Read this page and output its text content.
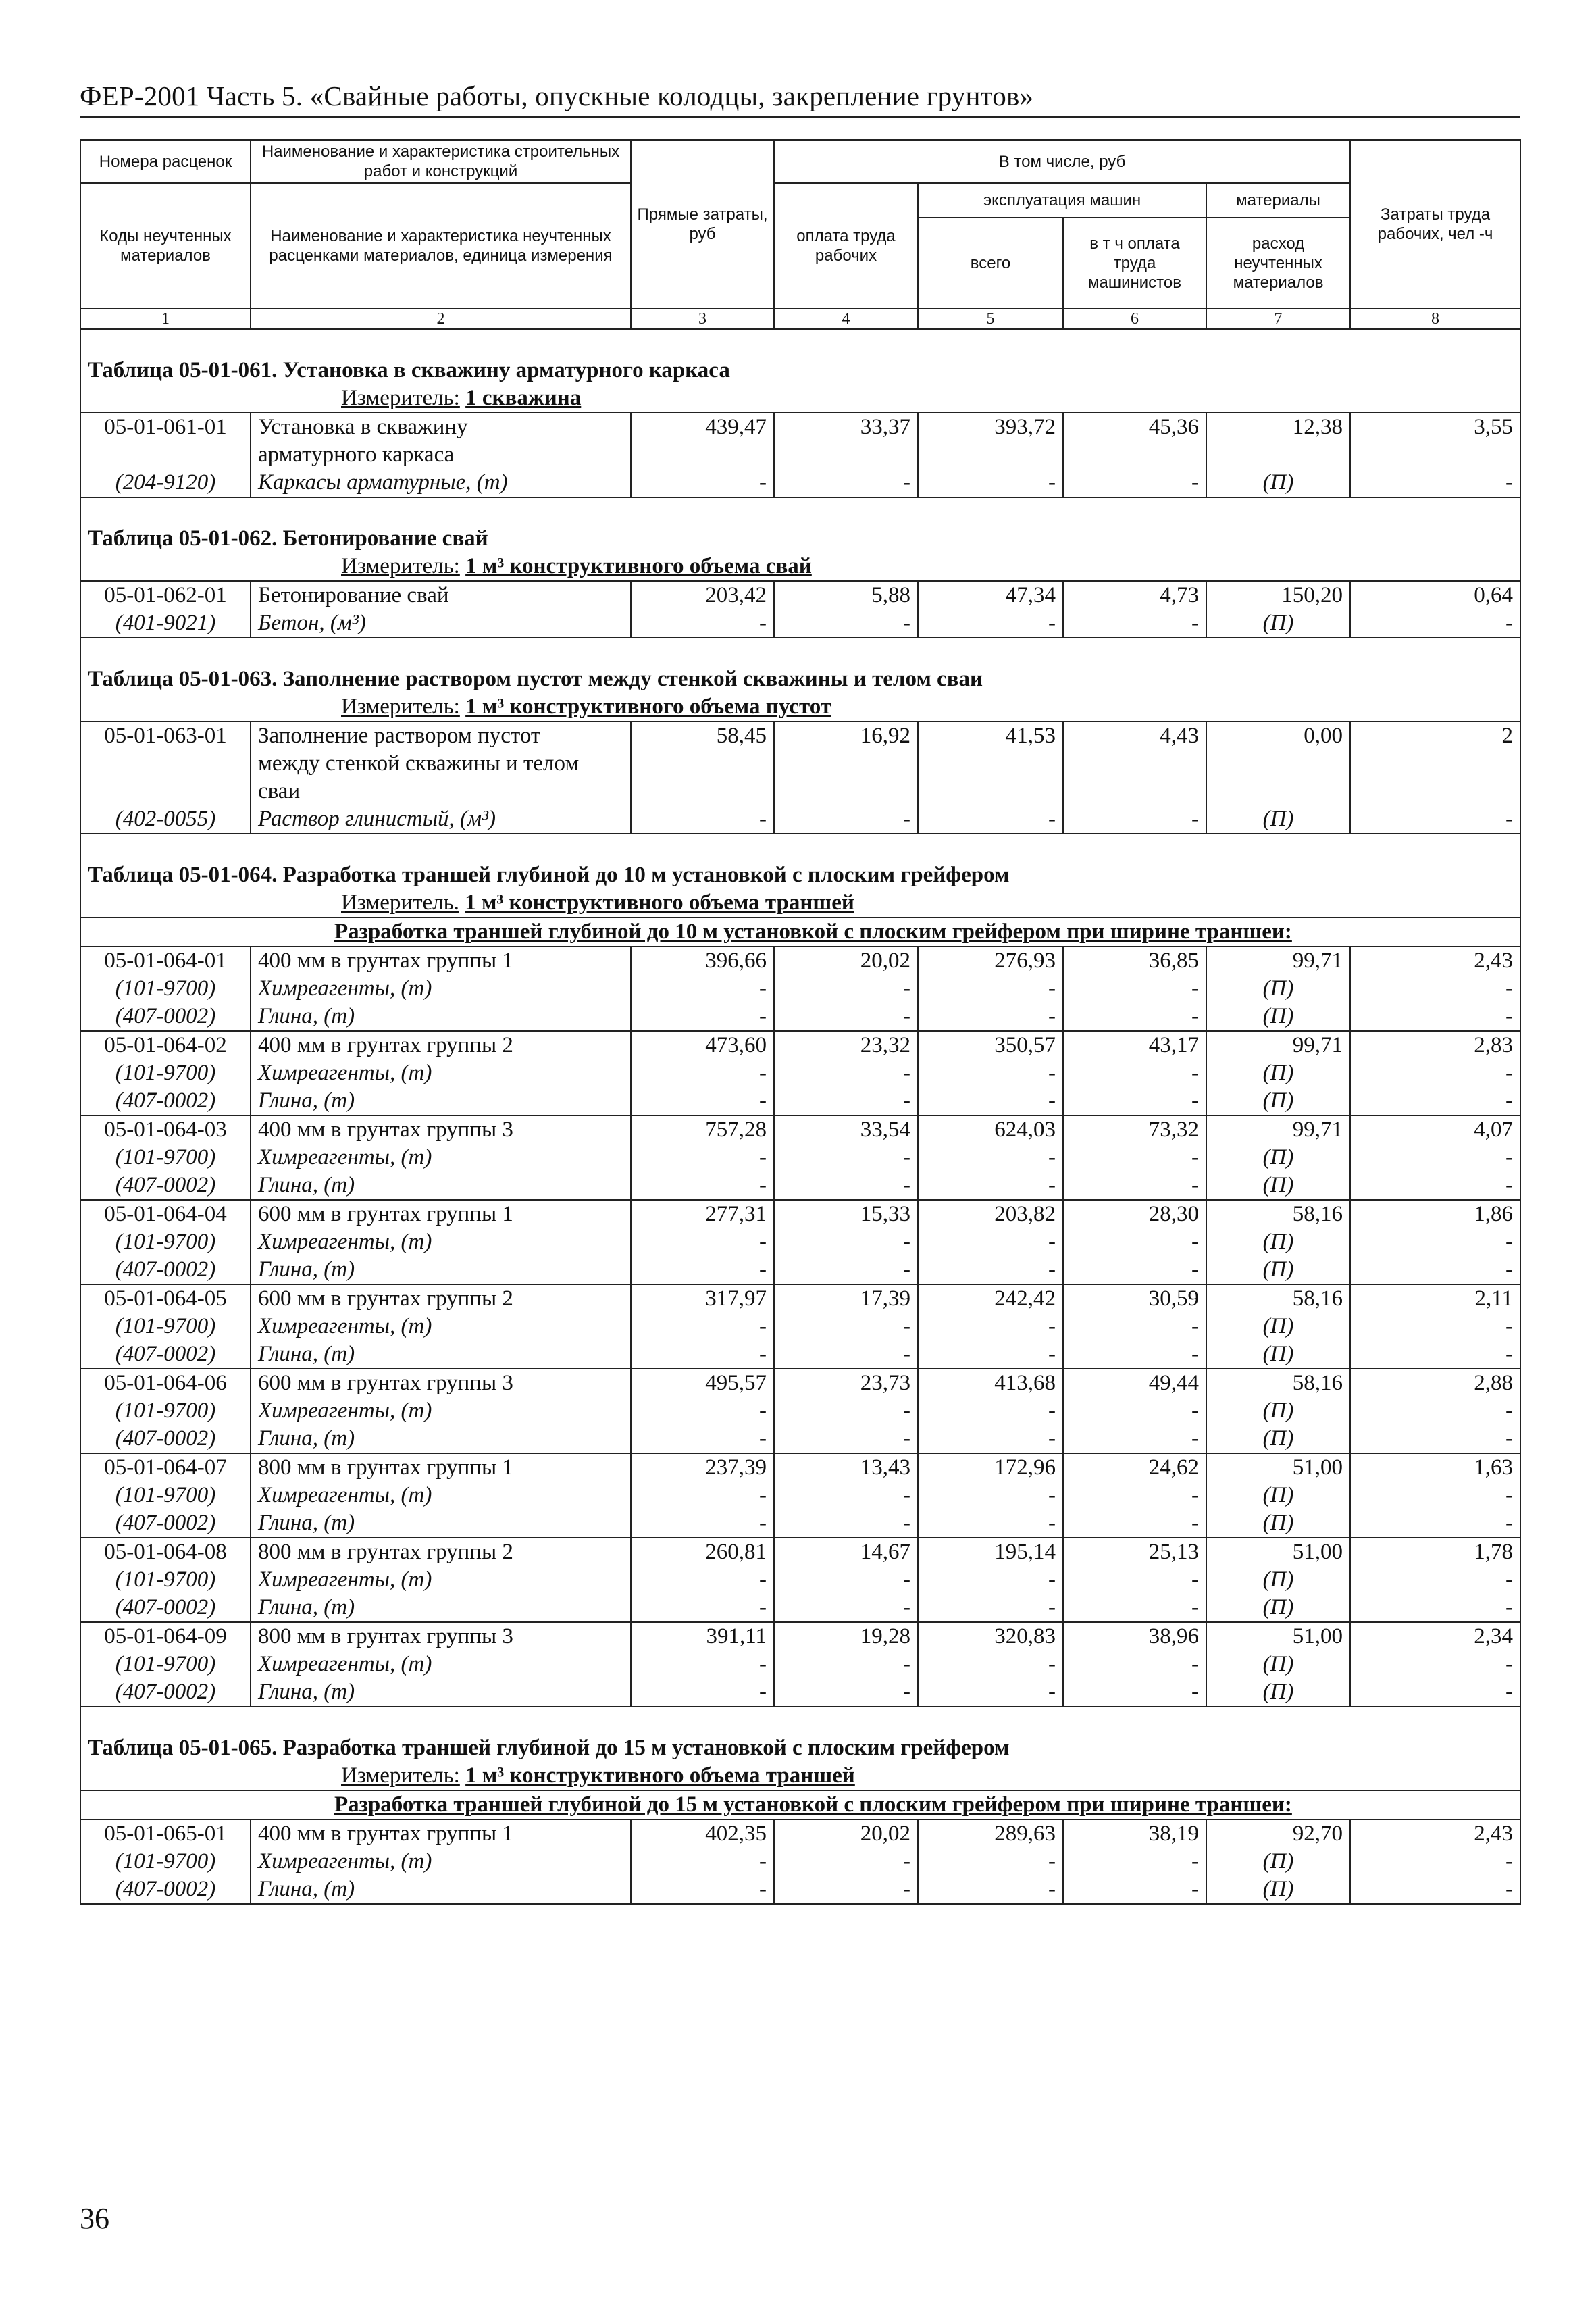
ФЕР-2001 Часть 5. «Свайные работы, опускные колодцы, закрепление грунтов»
Номера расценок	Наименование и характеристика строительных работ и конструкций	Прямые затраты, руб	В том числе, руб				Затраты труда рабочих, чел -ч
Коды неучтенных материалов	Наименование и характеристика неучтенных расценками материалов, единица измерения		оплата труда рабочих	эксплуатация машин		материалы	
				всего	в т ч оплата труда машинистов	расход неучтенных материалов	
1	2	3	4	5	6	7	8
Таблица 05-01-061. Установка в скважину арматурного каркаса							
Измеритель: 1 скважина							
05-01-061-01	Установка в скважину	439,47	33,37	393,72	45,36	12,38	3,55
	арматурного каркаса						
(204-9120)	Каркасы арматурные, (т)	-	-	-	-	(П)	-
Таблица 05-01-062. Бетонирование свай							
Измеритель: 1 м³ конструктивного объема свай							
05-01-062-01	Бетонирование свай	203,42	5,88	47,34	4,73	150,20	0,64
(401-9021)	Бетон, (м³)	-	-	-	-	(П)	-
Таблица 05-01-063. Заполнение раствором пустот между стенкой скважины и телом сваи							
Измеритель: 1 м³ конструктивного объема пустот							
05-01-063-01	Заполнение раствором пустот	58,45	16,92	41,53	4,43	0,00	2
	между стенкой скважины и телом						
	сваи						
(402-0055)	Раствор глинистый, (м³)	-	-	-	-	(П)	-
Таблица 05-01-064. Разработка траншей глубиной до 10 м установкой с плоским грейфером							
Измеритель. 1 м³ конструктивного объема траншей							
Разработка траншей глубиной до 10 м установкой с плоским грейфером при ширине траншеи:							
05-01-064-01	400 мм в грунтах группы 1	396,66	20,02	276,93	36,85	99,71	2,43
(101-9700)	Химреагенты, (т)	-	-	-	-	(П)	-
(407-0002)	Глина, (т)	-	-	-	-	(П)	-
05-01-064-02	400 мм в грунтах группы 2	473,60	23,32	350,57	43,17	99,71	2,83
(101-9700)	Химреагенты, (т)	-	-	-	-	(П)	-
(407-0002)	Глина, (т)	-	-	-	-	(П)	-
05-01-064-03	400 мм в грунтах группы 3	757,28	33,54	624,03	73,32	99,71	4,07
(101-9700)	Химреагенты, (т)	-	-	-	-	(П)	-
(407-0002)	Глина, (т)	-	-	-	-	(П)	-
05-01-064-04	600 мм в грунтах группы 1	277,31	15,33	203,82	28,30	58,16	1,86
(101-9700)	Химреагенты, (т)	-	-	-	-	(П)	-
(407-0002)	Глина, (т)	-	-	-	-	(П)	-
05-01-064-05	600 мм в грунтах группы 2	317,97	17,39	242,42	30,59	58,16	2,11
(101-9700)	Химреагенты, (т)	-	-	-	-	(П)	-
(407-0002)	Глина, (т)	-	-	-	-	(П)	-
05-01-064-06	600 мм в грунтах группы 3	495,57	23,73	413,68	49,44	58,16	2,88
(101-9700)	Химреагенты, (т)	-	-	-	-	(П)	-
(407-0002)	Глина, (т)	-	-	-	-	(П)	-
05-01-064-07	800 мм в грунтах группы 1	237,39	13,43	172,96	24,62	51,00	1,63
(101-9700)	Химреагенты, (т)	-	-	-	-	(П)	-
(407-0002)	Глина, (т)	-	-	-	-	(П)	-
05-01-064-08	800 мм в грунтах группы 2	260,81	14,67	195,14	25,13	51,00	1,78
(101-9700)	Химреагенты, (т)	-	-	-	-	(П)	-
(407-0002)	Глина, (т)	-	-	-	-	(П)	-
05-01-064-09	800 мм в грунтах группы 3	391,11	19,28	320,83	38,96	51,00	2,34
(101-9700)	Химреагенты, (т)	-	-	-	-	(П)	-
(407-0002)	Глина, (т)	-	-	-	-	(П)	-
Таблица 05-01-065. Разработка траншей глубиной до 15 м установкой с плоским грейфером							
Измеритель: 1 м³ конструктивного объема траншей							
Разработка траншей глубиной до 15 м установкой с плоским грейфером при ширине траншеи:							
05-01-065-01	400 мм в грунтах группы 1	402,35	20,02	289,63	38,19	92,70	2,43
(101-9700)	Химреагенты, (т)	-	-	-	-	(П)	-
(407-0002)	Глина, (т)	-	-	-	-	(П)	-

36
